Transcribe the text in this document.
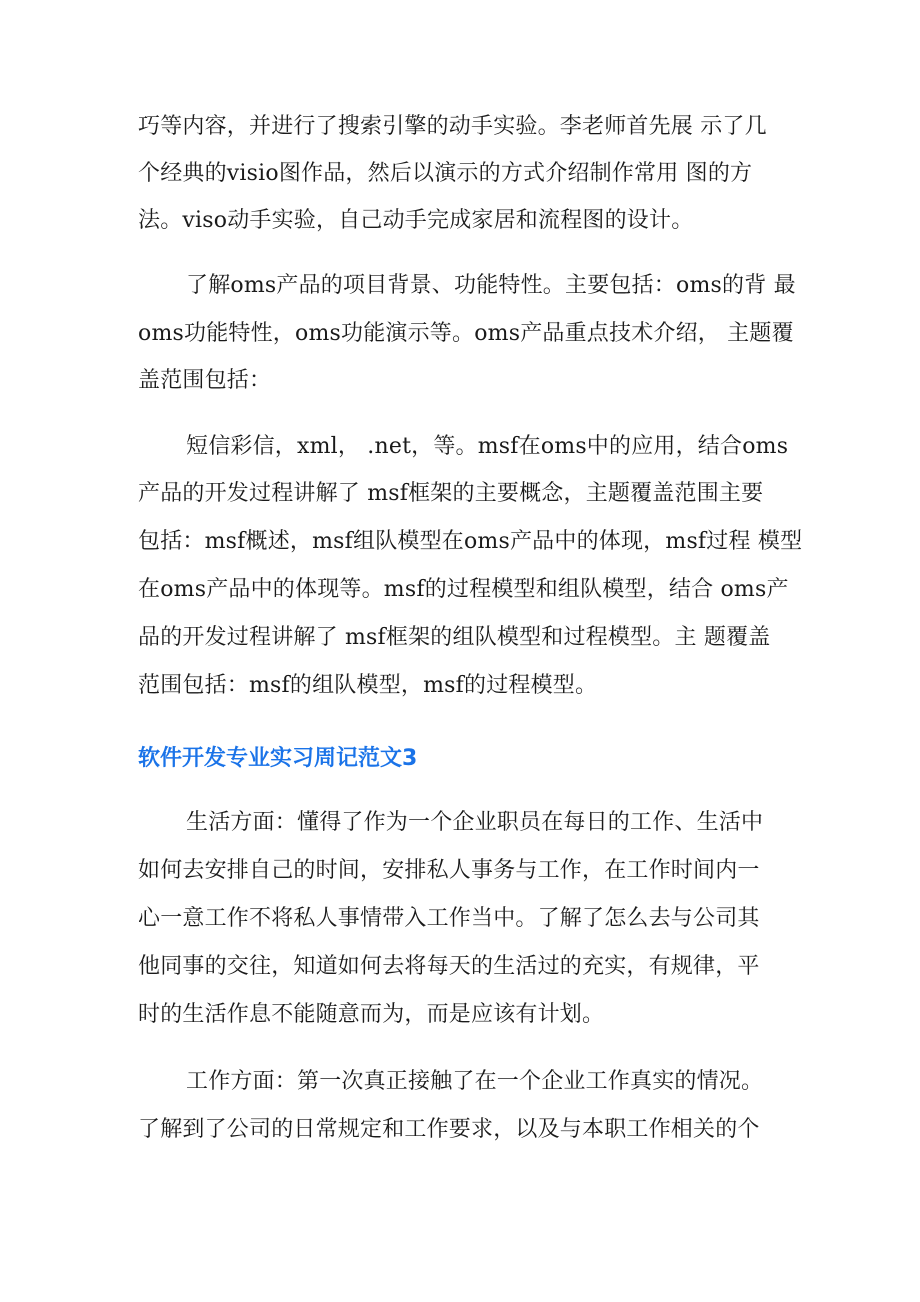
巧等内容，并进行了搜索引擎的动手实验。李老师首先展 示了几
个经典的visio图作品，然后以演示的方式介绍制作常用 图的方
法。viso动手实验，自己动手完成家居和流程图的设计。
了解oms产品的项目背景、功能特性。主要包括：oms的背 最
oms功能特性，oms功能演示等。oms产品重点技术介绍， 主题覆
盖范围包括：
短信彩信，xml， .net，等。msf在oms中的应用，结合oms
产品的开发过程讲解了 msf框架的主要概念，主题覆盖范围主要
包括：msf概述，msf组队模型在oms产品中的体现，msf过程 模型
在oms产品中的体现等。msf的过程模型和组队模型，结合 oms产
品的开发过程讲解了 msf框架的组队模型和过程模型。主 题覆盖
范围包括：msf的组队模型，msf的过程模型。
软件开发专业实习周记范文3
生活方面：懂得了作为一个企业职员在每日的工作、生活中
如何去安排自己的时间，安排私人事务与工作，在工作时间内一
心一意工作不将私人事情带入工作当中。了解了怎么去与公司其
他同事的交往，知道如何去将每天的生活过的充实，有规律，平
时的生活作息不能随意而为，而是应该有计划。
工作方面：第一次真正接触了在一个企业工作真实的情况。
了解到了公司的日常规定和工作要求，以及与本职工作相关的个
